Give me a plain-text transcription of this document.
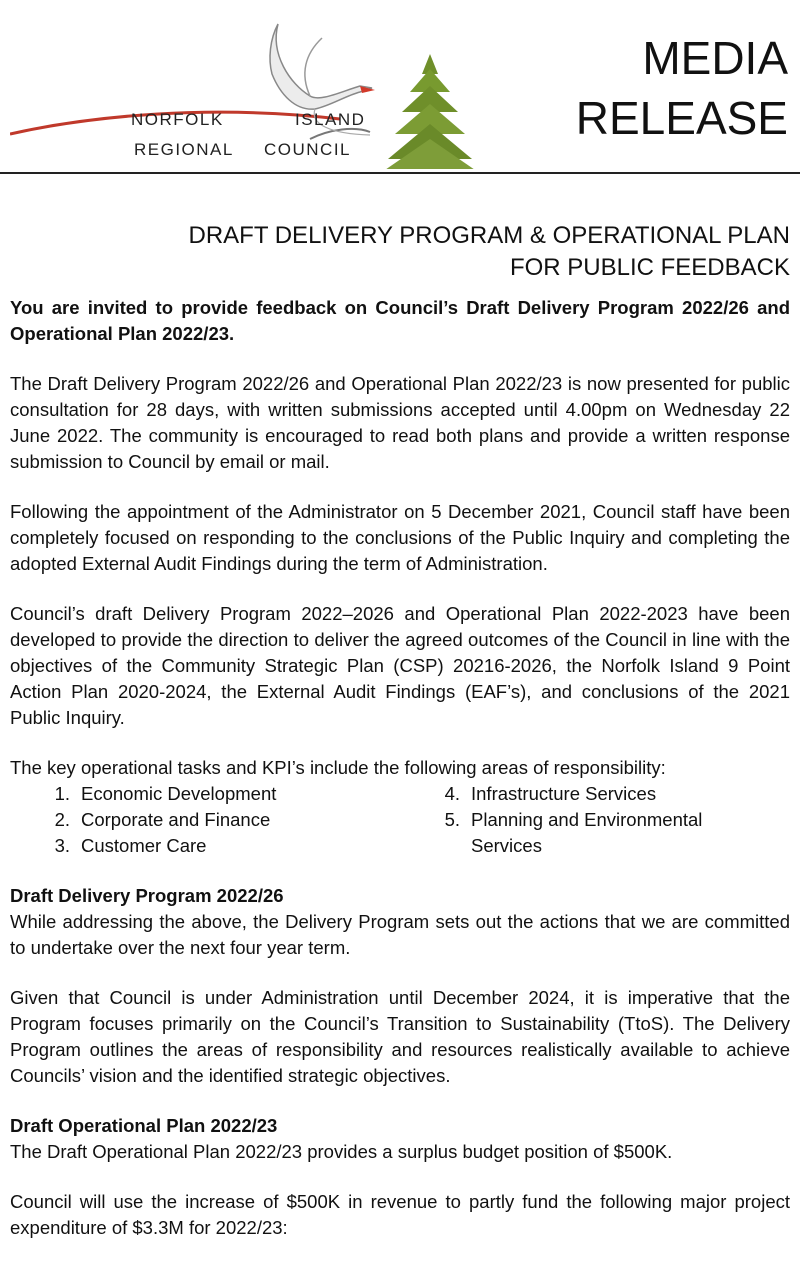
NORFOLK	ISLAND
REGIONAL COUNCIL
MEDIA
RELEASE
DRAFT DELIVERY PROGRAM & OPERATIONAL PLAN
FOR PUBLIC FEEDBACK

You are invited to provide feedback on Council’s Draft Delivery Program 2022/26 and Operational Plan 2022/23.

The Draft Delivery Program 2022/26 and Operational Plan 2022/23 is now presented for public consultation for 28 days, with written submissions accepted until 4.00pm on Wednesday 22 June 2022. The community is encouraged to read both plans and provide a written response submission to Council by email or mail.

Following the appointment of the Administrator on 5 December 2021, Council staff have been completely focused on responding to the conclusions of the Public Inquiry and completing the adopted External Audit Findings during the term of Administration.

Council’s draft Delivery Program 2022–2026 and Operational Plan 2022-2023 have been developed to provide the direction to deliver the agreed outcomes of the Council in line with the objectives of the Community Strategic Plan (CSP) 20216-2026, the Norfolk Island 9 Point Action Plan 2020-2024, the External Audit Findings (EAF’s), and conclusions of the 2021 Public Inquiry.

The key operational tasks and KPI’s include the following areas of responsibility:

1. Economic Development
2. Corporate and Finance
3. Customer Care
4. Infrastructure Services
5. Planning and Environmental Services
Draft Delivery Program 2022/26

While addressing the above, the Delivery Program sets out the actions that we are committed to undertake over the next four year term.

Given that Council is under Administration until December 2024, it is imperative that the Program focuses primarily on the Council’s Transition to Sustainability (TtoS). The Delivery Program outlines the areas of responsibility and resources realistically available to achieve Councils’ vision and the identified strategic objectives.

Draft Operational Plan 2022/23

The Draft Operational Plan 2022/23 provides a surplus budget position of $500K.

Council will use the increase of $500K in revenue to partly fund the following major project expenditure of $3.3M for 2022/23:
